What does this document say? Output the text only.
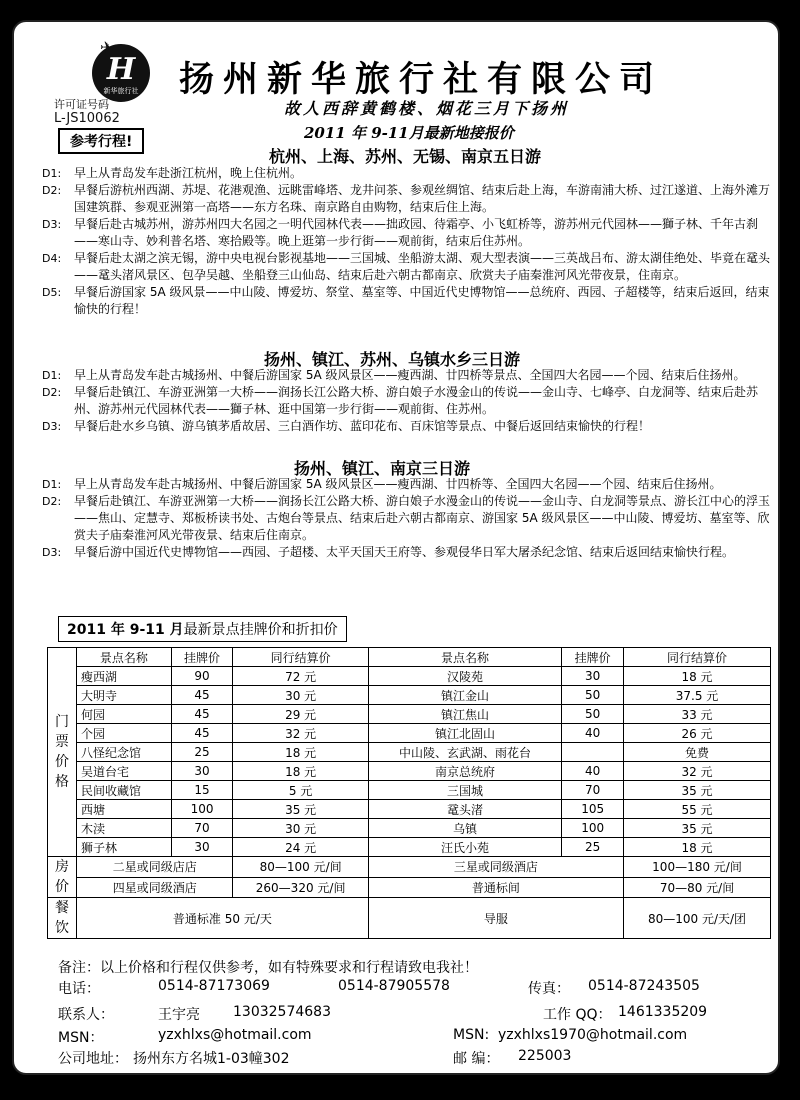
✈
H
新华旅行社	扬州新华旅行社有限公司
故人西辞黄鹤楼、烟花三月下扬州
许可证号码
L-JS10062
参考行程!	2011 年 9-11月最新地接报价
杭州、上海、苏州、无锡、南京五日游
D1: 早上从青岛发车赴浙江杭州，晚上住杭州。
D2: 早餐后游杭州西湖、苏堤、花港观渔、远眺雷峰塔、龙井问茶、参观丝绸馆、结束后赴上海，车游南浦大桥、过江遂道、上海外滩万国建筑群、参观亚洲第一高塔——东方名珠、南京路自由购物，结束后住上海。
D3: 早餐后赴古城苏州，游苏州四大名园之一明代园林代表——拙政园、待霜亭、小飞虹桥等，游苏州元代园林——獅子林、千年古刹——寒山寺、妙利普名塔、寒拾殿等。晚上逛第一步行街——观前街，结束后住苏州。
D4: 早餐后赴太湖之滨无锡，游中央电视台影视基地——三国城、坐船游太湖、观大型表演——三英战吕布、游太湖佳绝处、毕竟在鼋头——鼋头渚风景区、包孕吴越、坐船登三山仙岛、结束后赴六朝古都南京、欣赏夫子庙秦淮河风光带夜景，住南京。
D5: 早餐后游国家 5A 级风景——中山陵、博爱坊、祭堂、墓室等、中国近代史博物馆——总统府、西园、子超楼等，结束后返回，结束愉快的行程！
扬州、镇江、苏州、乌镇水乡三日游
D1: 早上从青岛发车赴古城扬州、中餐后游国家 5A 级风景区——瘦西湖、廿四桥等景点、全国四大名园——个园、结束后住扬州。
D2: 早餐后赴镇江、车游亚洲第一大桥——润扬长江公路大桥、游白娘子水漫金山的传说——金山寺、七峰亭、白龙洞等、结束后赴苏州、游苏州元代园林代表——獅子林、逛中国第一步行街——观前街、住苏州。
D3: 早餐后赴水乡乌镇、游乌镇茅盾故居、三白酒作坊、蓝印花布、百床馆等景点、中餐后返回结束愉快的行程！
扬州、镇江、南京三日游
D1: 早上从青岛发车赴古城扬州、中餐后游国家 5A 级风景区——瘦西湖、廿四桥等、全国四大名园——个园、结束后住扬州。
D2: 早餐后赴镇江、车游亚洲第一大桥——润扬长江公路大桥、游白娘子水漫金山的传说——金山寺、白龙洞等景点、游长江中心的浮玉——焦山、定慧寺、郑板桥读书处、古炮台等景点、结束后赴六朝古都南京、游国家 5A 级风景区——中山陵、博爱坊、墓室等、欣赏夫子庙秦淮河风光带夜景、结束后住南京。
D3: 早餐后游中国近代史博物馆——西园、子超楼、太平天国天王府等、参观侵华日军大屠杀纪念馆、结束后返回结束愉快行程。
2011 年 9-11 月最新景点挂牌价和折扣价
门
票
价
格	景点名称	挂牌价	同行结算价	景点名称	挂牌价	同行结算价
	瘦西湖	90	72 元	汉陵苑	30	18 元
	大明寺	45	30 元	镇江金山	50	37.5 元
	何园	45	29 元	镇江焦山	50	33 元
	个园	45	32 元	镇江北固山	40	26 元
	八怪纪念馆	25	18 元	中山陵、玄武湖、雨花台		免费
	吴道台宅	30	18 元	南京总统府	40	32 元
	民间收藏馆	15	5 元	三国城	70	35 元
	西塘	100	35 元	鼋头渚	105	55 元
	木渎	70	30 元	乌镇	100	35 元
	狮子林	30	24 元	汪氏小苑	25	18 元

房
价	二星或同级店店		80—100 元/间	三星或同级酒店		100—180 元/间
	四星或同级酒店		260—320 元/间	普通标间		70—80 元/间

餐
饮	普通标准 50 元/天			导服		80—100 元/天/团
备注：以上价格和行程仅供参考，如有特殊要求和行程请致电我社！
电话：	0514-87173069	0514-87905578	传真： 0514-87243505
联系人：	王宇亮 13032574683	工作 QQ： 1461335209
MSN：	yzxhlxs@hotmail.com	MSN: yzxhlxs1970@hotmail.com
公司地址： 扬州东方名城1-03幢302	邮 编： 225003
